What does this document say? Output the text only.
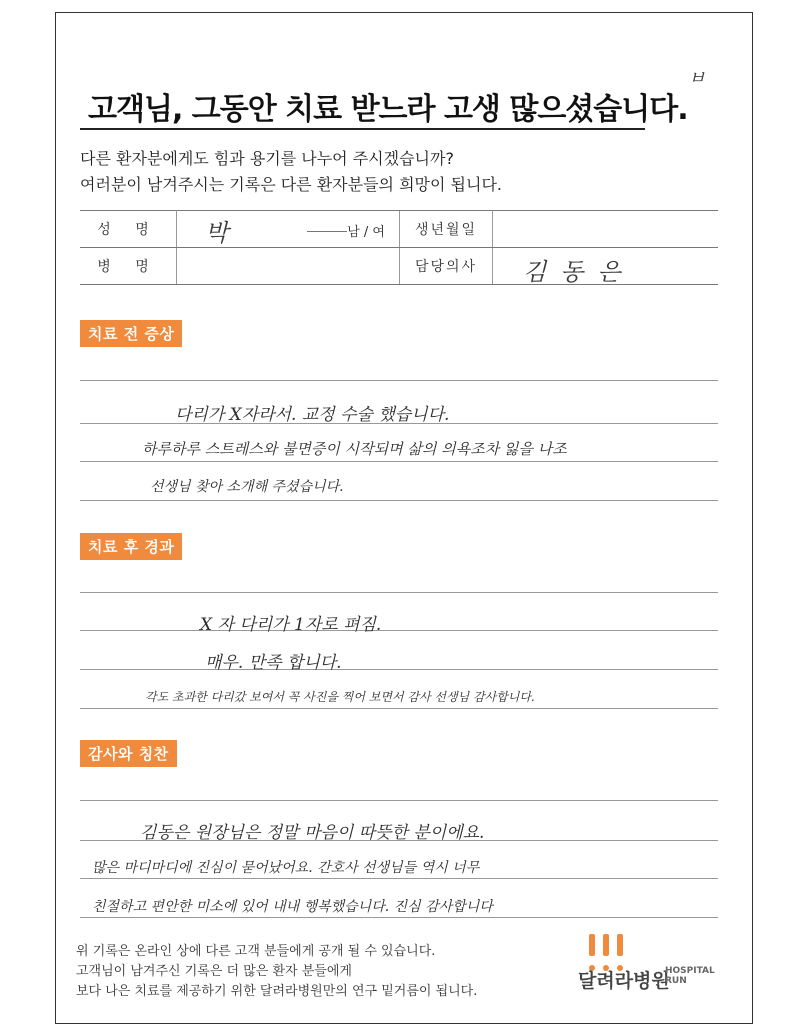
ㅂ
고객님, 그동안 치료 받느라 고생 많으셨습니다.
다른 환자분에게도 힘과 용기를 나누어 주시겠습니까?
여러분이 남겨주시는 기록은 다른 환자분들의 희망이 됩니다.
성 명	박 남 / 여	생년월일	
병 명		담당의사	김동은
치료 전 증상
다리가 X자라서. 교정 수술 했습니다.
하루하루 스트레스와 불면증이 시작되며 삶의 의욕조차 잃을 나조
선생님 찾아 소개해 주셨습니다.
치료 후 경과
X 자 다리가 1자로 펴짐.
매우. 만족 합니다.
각도 초과한 다리갔 보여서 꼭 사진을 찍어 보면서 감사 선생님 감사합니다.
감사와 칭찬
김동은 원장님은 정말 마음이 따뜻한 분이에요.
많은 마디마디에 진심이 묻어났어요. 간호사 선생님들 역시 너무
친절하고 편안한 미소에 있어 내내 행복했습니다. 진심 감사합니다
위 기록은 온라인 상에 다른 고객 분들에게 공개 될 수 있습니다.
고객님이 남겨주신 기록은 더 많은 환자 분들에게
보다 나은 치료를 제공하기 위한 달려라병원만의 연구 밑거름이 됩니다.	달려라병원
HOSPITAL
RUN
